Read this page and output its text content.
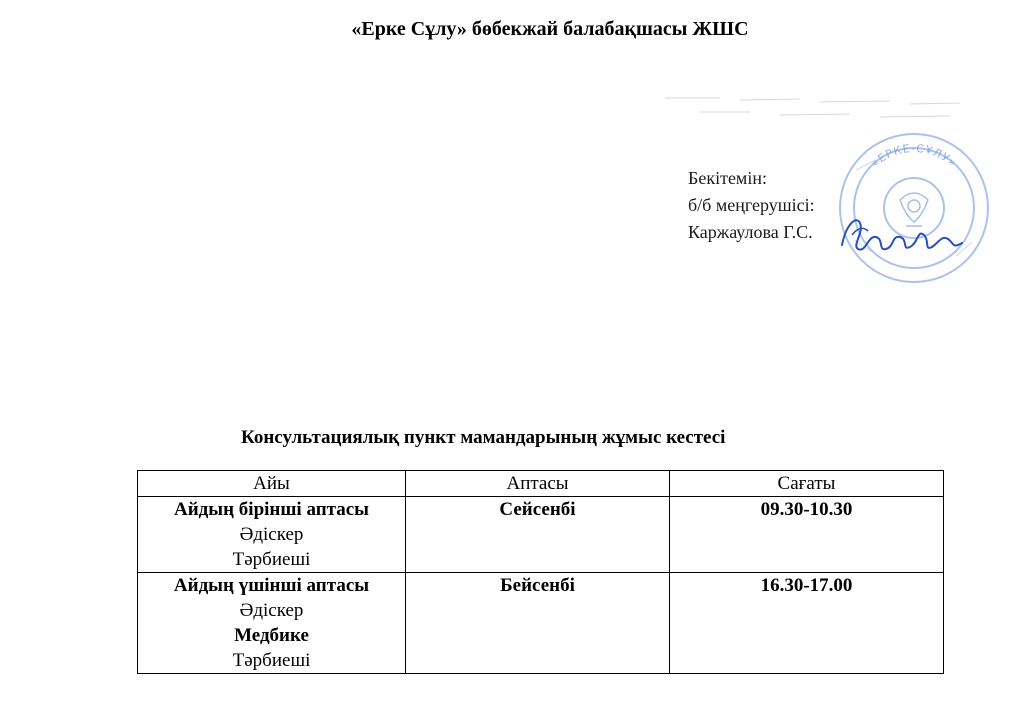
«Ерке Сұлу» бөбекжай балабақшасы ЖШС
Бекітемін:
б/б меңгерушісі:
Каржаулова Г.С.
«ЕРКЕ-СҰЛУ»
Консультациялық пункт мамандарының жұмыс кестесі
Айы	Аптасы	Сағаты

Айдың бірінші аптасы
Әдіскер
Тәрбиеші	Сейсенбі	09.30-10.30

Айдың үшінші аптасы
Әдіскер
Медбике
Тәрбиеші	Бейсенбі	16.30-17.00
